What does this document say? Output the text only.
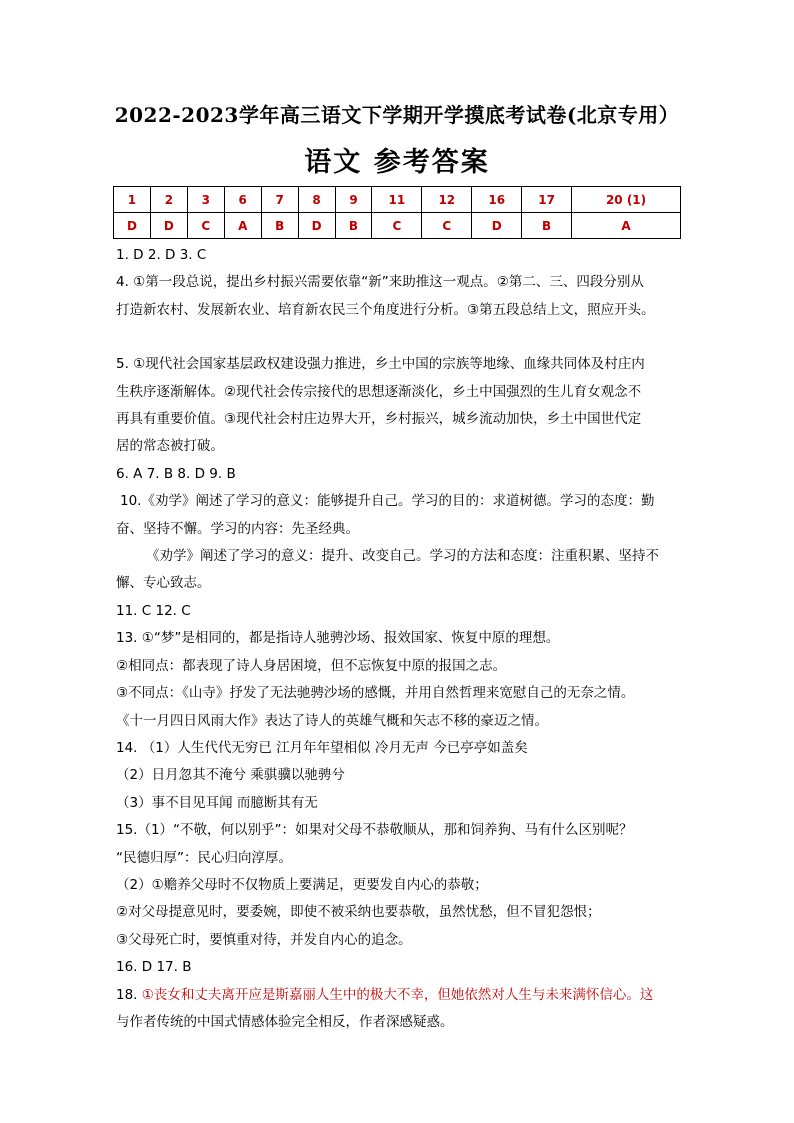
2022-2023学年高三语文下学期开学摸底考试卷(北京专用）
语文 参考答案
1	2	3	6	7	8	9	11	12	16	17	20 (1)
D	D	C	A	B	D	B	C	C	D	B	A

1. D 2. D 3. C

4. ①第一段总说，提出乡村振兴需要依靠“新”来助推这一观点。②第二、三、四段分别从

打造新农村、发展新农业、培育新农民三个角度进行分析。③第五段总结上文，照应开头。

5. ①现代社会国家基层政权建设强力推进，乡土中国的宗族等地缘、血缘共同体及村庄内

生秩序逐渐解体。②现代社会传宗接代的思想逐渐淡化，乡土中国强烈的生儿育女观念不

再具有重要价值。③现代社会村庄边界大开，乡村振兴，城乡流动加快，乡土中国世代定

居的常态被打破。

6. A 7. B 8. D 9. B

10.《劝学》阐述了学习的意义：能够提升自己。学习的目的：求道树德。学习的态度：勤

奋、坚持不懈。学习的内容：先圣经典。

《劝学》阐述了学习的意义：提升、改变自己。学习的方法和态度：注重积累、坚持不

懈、专心致志。

11. C 12. C

13. ①“梦”是相同的，都是指诗人驰骋沙场、报效国家、恢复中原的理想。

②相同点：都表现了诗人身居困境，但不忘恢复中原的报国之志。

③不同点：《山寺》抒发了无法驰骋沙场的感慨，并用自然哲理来宽慰自己的无奈之情。

《十一月四日风雨大作》表达了诗人的英雄气概和矢志不移的豪迈之情。

14. （1）人生代代无穷已 江月年年望相似 冷月无声 今已亭亭如盖矣

（2）日月忽其不淹兮 乘骐骥以驰骋兮

（3）事不目见耳闻 而臆断其有无

15.（1）“不敬，何以别乎”：如果对父母不恭敬顺从，那和饲养狗、马有什么区别呢？

“民德归厚”：民心归向淳厚。

（2）①赡养父母时不仅物质上要满足，更要发自内心的恭敬；

②对父母提意见时，要委婉，即使不被采纳也要恭敬，虽然忧愁，但不冒犯怨恨；

③父母死亡时，要慎重对待，并发自内心的追念。

16. D 17. B

18. ①丧女和丈夫离开应是斯嘉丽人生中的极大不幸，但她依然对人生与未来满怀信心。这

与作者传统的中国式情感体验完全相反，作者深感疑惑。
